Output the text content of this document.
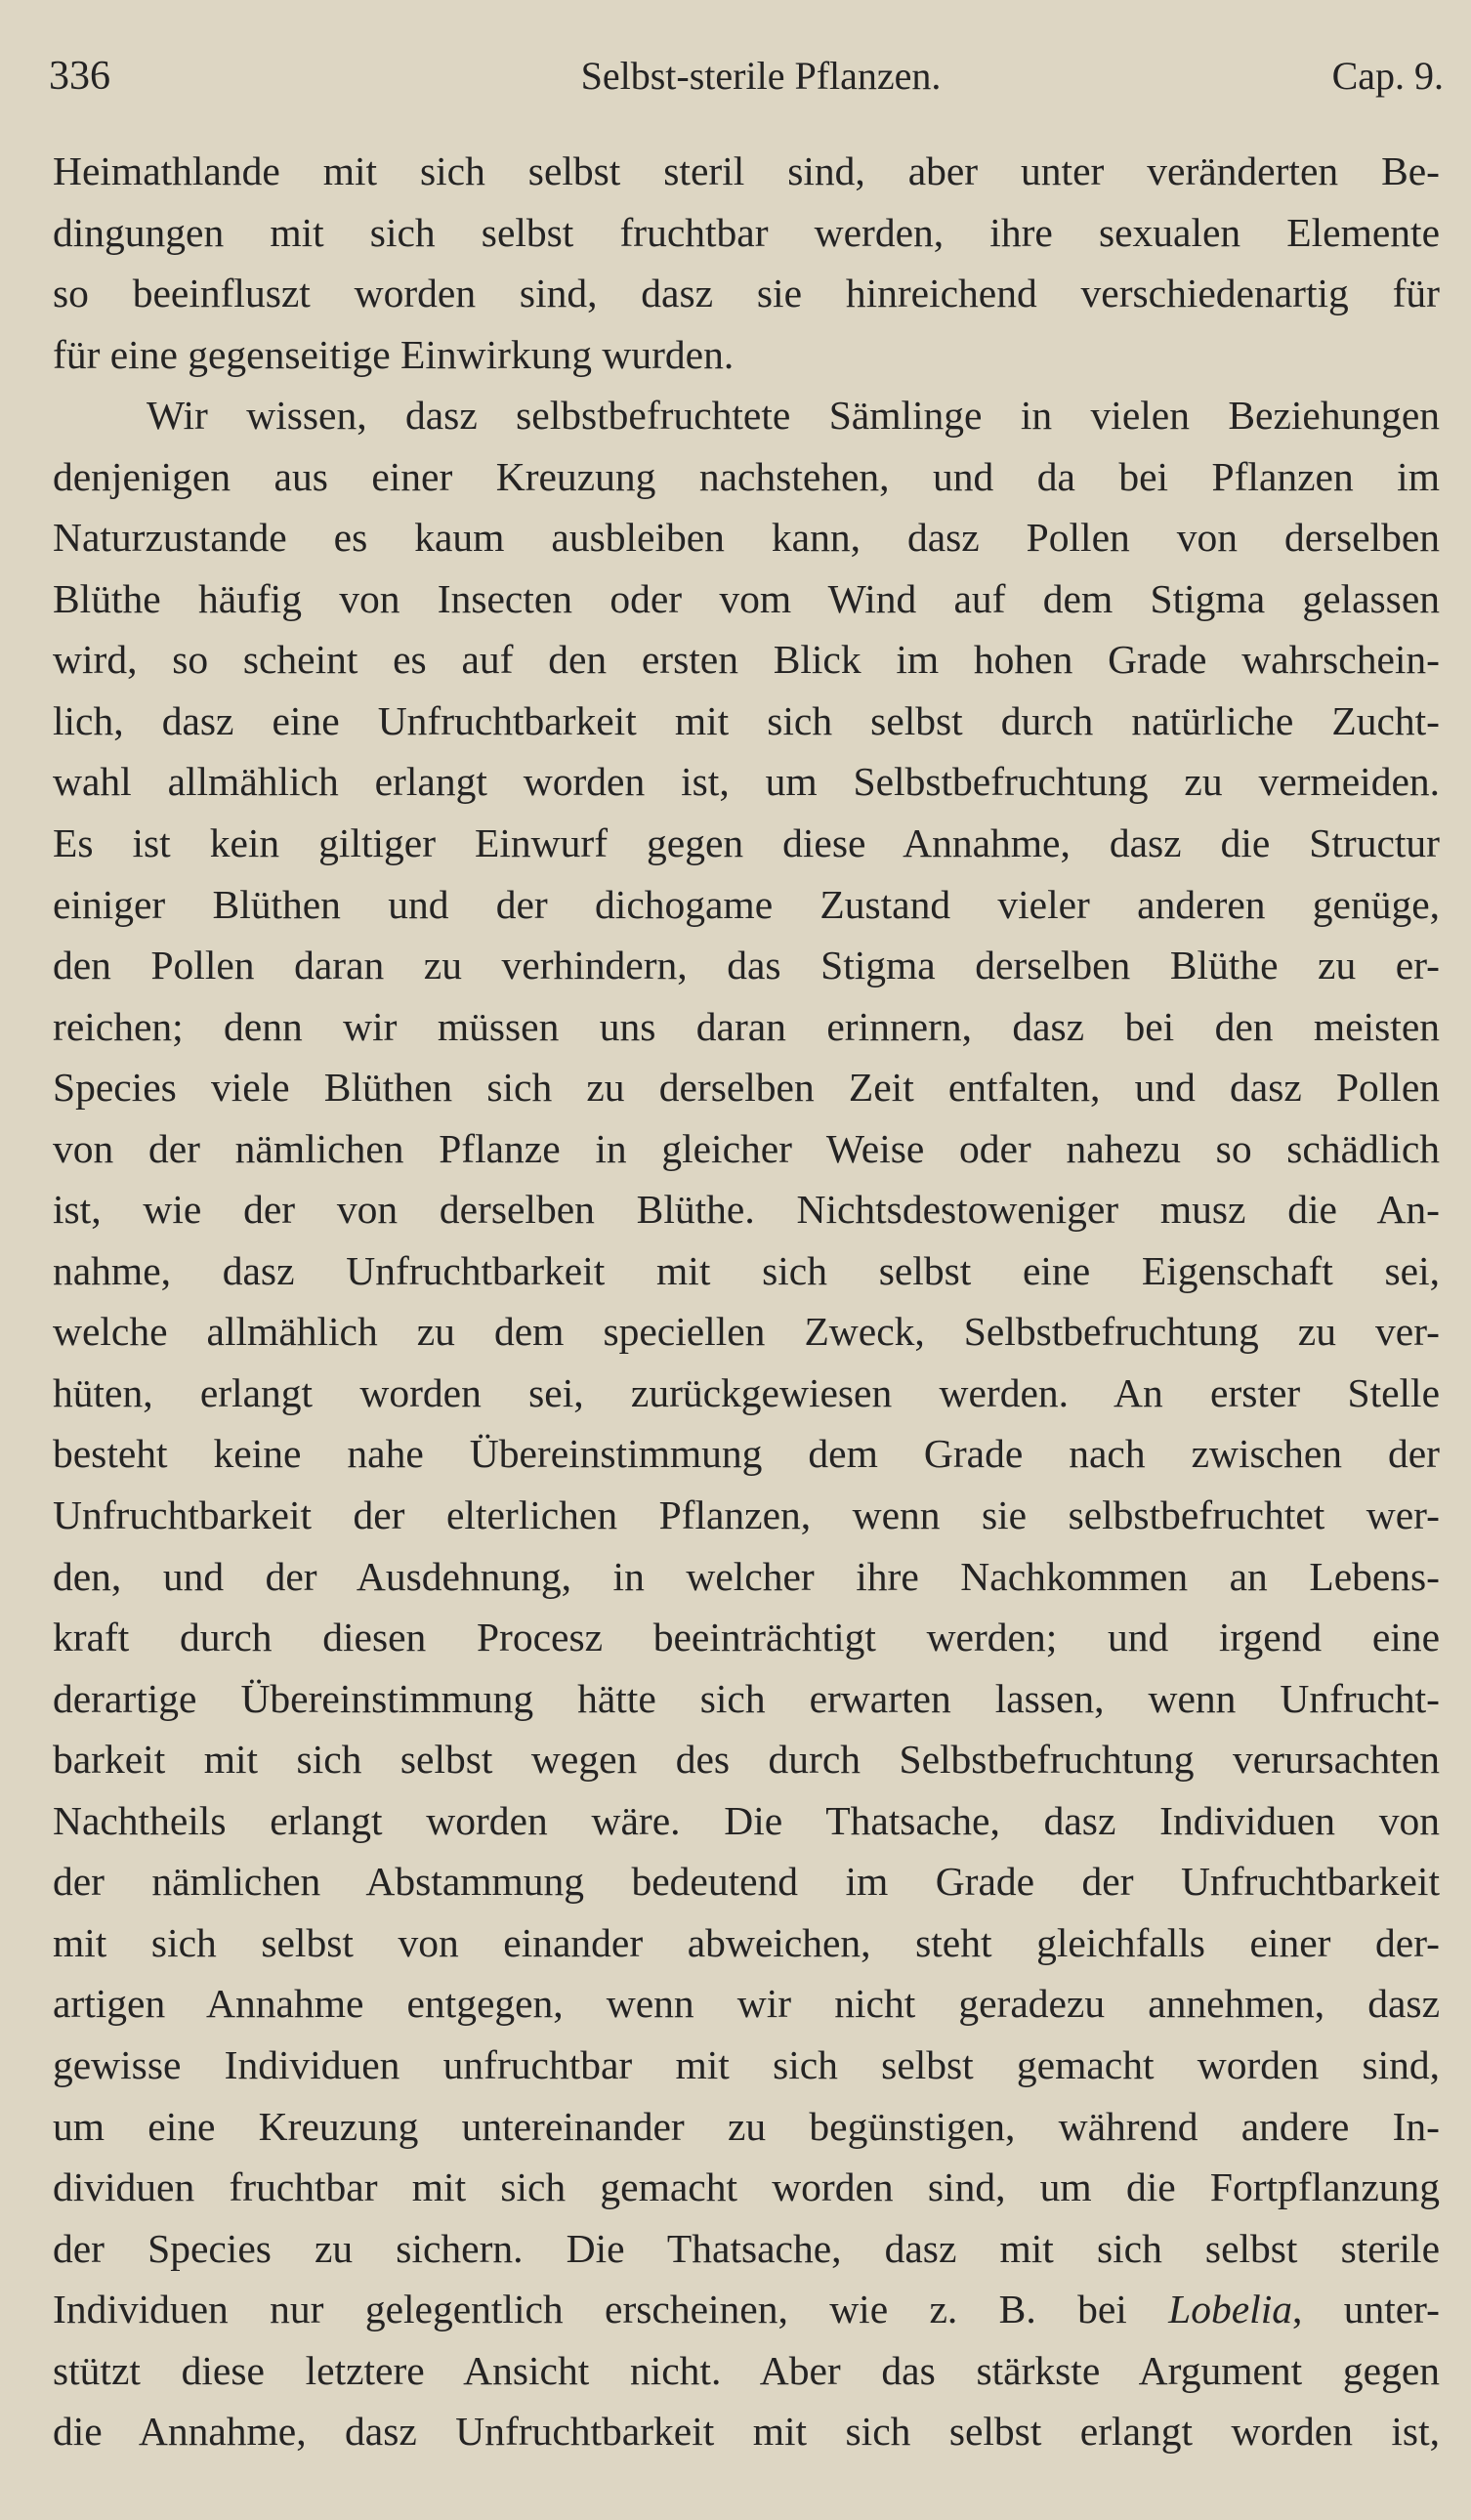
336	Selbst-sterile Pflanzen.	Cap. 9.
Heimathlande mit sich selbst steril sind, aber unter veränderten Be-
dingungen mit sich selbst fruchtbar werden, ihre sexualen Elemente
so beeinfluszt worden sind, dasz sie hinreichend verschiedenartig für
für eine gegenseitige Einwirkung wurden.
Wir wissen, dasz selbstbefruchtete Sämlinge in vielen Beziehungen
denjenigen aus einer Kreuzung nachstehen, und da bei Pflanzen im
Naturzustande es kaum ausbleiben kann, dasz Pollen von derselben
Blüthe häufig von Insecten oder vom Wind auf dem Stigma gelassen
wird, so scheint es auf den ersten Blick im hohen Grade wahrschein-
lich, dasz eine Unfruchtbarkeit mit sich selbst durch natürliche Zucht-
wahl allmählich erlangt worden ist, um Selbstbefruchtung zu vermeiden.
Es ist kein giltiger Einwurf gegen diese Annahme, dasz die Structur
einiger Blüthen und der dichogame Zustand vieler anderen genüge,
den Pollen daran zu verhindern, das Stigma derselben Blüthe zu er-
reichen; denn wir müssen uns daran erinnern, dasz bei den meisten
Species viele Blüthen sich zu derselben Zeit entfalten, und dasz Pollen
von der nämlichen Pflanze in gleicher Weise oder nahezu so schädlich
ist, wie der von derselben Blüthe. Nichtsdestoweniger musz die An-
nahme, dasz Unfruchtbarkeit mit sich selbst eine Eigenschaft sei,
welche allmählich zu dem speciellen Zweck, Selbstbefruchtung zu ver-
hüten, erlangt worden sei, zurückgewiesen werden. An erster Stelle
besteht keine nahe Übereinstimmung dem Grade nach zwischen der
Unfruchtbarkeit der elterlichen Pflanzen, wenn sie selbstbefruchtet wer-
den, und der Ausdehnung, in welcher ihre Nachkommen an Lebens-
kraft durch diesen Procesz beeinträchtigt werden; und irgend eine
derartige Übereinstimmung hätte sich erwarten lassen, wenn Unfrucht-
barkeit mit sich selbst wegen des durch Selbstbefruchtung verursachten
Nachtheils erlangt worden wäre. Die Thatsache, dasz Individuen von
der nämlichen Abstammung bedeutend im Grade der Unfruchtbarkeit
mit sich selbst von einander abweichen, steht gleichfalls einer der-
artigen Annahme entgegen, wenn wir nicht geradezu annehmen, dasz
gewisse Individuen unfruchtbar mit sich selbst gemacht worden sind,
um eine Kreuzung untereinander zu begünstigen, während andere In-
dividuen fruchtbar mit sich gemacht worden sind, um die Fortpflanzung
der Species zu sichern. Die Thatsache, dasz mit sich selbst sterile
Individuen nur gelegentlich erscheinen, wie z. B. bei Lobelia, unter-
stützt diese letztere Ansicht nicht. Aber das stärkste Argument gegen
die Annahme, dasz Unfruchtbarkeit mit sich selbst erlangt worden ist,
